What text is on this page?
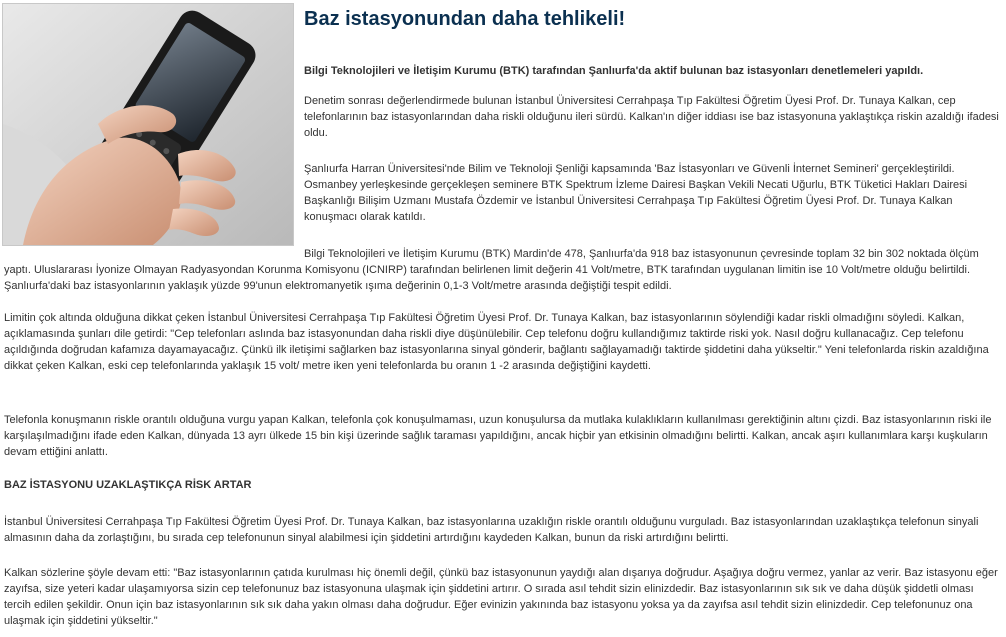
Baz istasyonundan daha tehlikeli!

Bilgi Teknolojileri ve İletişim Kurumu (BTK) tarafından Şanlıurfa'da aktif bulunan baz istasyonları denetlemeleri yapıldı.

Denetim sonrası değerlendirmede bulunan İstanbul Üniversitesi Cerrahpaşa Tıp Fakültesi Öğretim Üyesi Prof. Dr. Tunaya Kalkan, cep telefonlarının baz istasyonlarından daha riskli olduğunu ileri sürdü. Kalkan'ın diğer iddiası ise baz istasyonuna yaklaştıkça riskin azaldığı ifadesi oldu.

Şanlıurfa Harran Üniversitesi'nde Bilim ve Teknoloji Şenliği kapsamında 'Baz İstasyonları ve Güvenli İnternet Semineri' gerçekleştirildi. Osmanbey yerleşkesinde gerçekleşen seminere BTK Spektrum İzleme Dairesi Başkan Vekili Necati Uğurlu, BTK Tüketici Hakları Dairesi Başkanlığı Bilişim Uzmanı Mustafa Özdemir ve İstanbul Üniversitesi Cerrahpaşa Tıp Fakültesi Öğretim Üyesi Prof. Dr. Tunaya Kalkan konuşmacı olarak katıldı.

Bilgi Teknolojileri ve İletişim Kurumu (BTK) Mardin'de 478, Şanlıurfa'da 918 baz istasyonunun çevresinde toplam 32 bin 302 noktada ölçüm yaptı. Uluslararası İyonize Olmayan Radyasyondan Korunma Komisyonu (ICNIRP) tarafından belirlenen limit değerin 41 Volt/metre, BTK tarafından uygulanan limitin ise 10 Volt/metre olduğu belirtildi. Şanlıurfa'daki baz istasyonlarının yaklaşık yüzde 99'unun elektromanyetik ışıma değerinin 0,1-3 Volt/metre arasında değiştiği tespit edildi.

Limitin çok altında olduğuna dikkat çeken İstanbul Üniversitesi Cerrahpaşa Tıp Fakültesi Öğretim Üyesi Prof. Dr. Tunaya Kalkan, baz istasyonlarının söylendiği kadar riskli olmadığını söyledi. Kalkan, açıklamasında şunları dile getirdi: "Cep telefonları aslında baz istasyonundan daha riskli diye düşünülebilir. Cep telefonu doğru kullandığımız taktirde riski yok. Nasıl doğru kullanacağız. Cep telefonu açıldığında doğrudan kafamıza dayamayacağız. Çünkü ilk iletişimi sağlarken baz istasyonlarına sinyal gönderir, bağlantı sağlayamadığı taktirde şiddetini daha yükseltir." Yeni telefonlarda riskin azaldığına dikkat çeken Kalkan, eski cep telefonlarında yaklaşık 15 volt/ metre iken yeni telefonlarda bu oranın 1 -2 arasında değiştiğini kaydetti.

Telefonla konuşmanın riskle orantılı olduğuna vurgu yapan Kalkan, telefonla çok konuşulmaması, uzun konuşulursa da mutlaka kulaklıkların kullanılması gerektiğinin altını çizdi. Baz istasyonlarının riski ile karşılaşılmadığını ifade eden Kalkan, dünyada 13 ayrı ülkede 15 bin kişi üzerinde sağlık taraması yapıldığını, ancak hiçbir yan etkisinin olmadığını belirtti. Kalkan, ancak aşırı kullanımlara karşı kuşkuların devam ettiğini anlattı.

BAZ İSTASYONU UZAKLAŞTIKÇA RİSK ARTAR

İstanbul Üniversitesi Cerrahpaşa Tıp Fakültesi Öğretim Üyesi Prof. Dr. Tunaya Kalkan, baz istasyonlarına uzaklığın riskle orantılı olduğunu vurguladı. Baz istasyonlarından uzaklaştıkça telefonun sinyali almasının daha da zorlaştığını, bu sırada cep telefonunun sinyal alabilmesi için şiddetini artırdığını kaydeden Kalkan, bunun da riski artırdığını belirtti.

Kalkan sözlerine şöyle devam etti: "Baz istasyonlarının çatıda kurulması hiç önemli değil, çünkü baz istasyonunun yaydığı alan dışarıya doğrudur. Aşağıya doğru vermez, yanlar az verir. Baz istasyonu eğer zayıfsa, size yeteri kadar ulaşamıyorsa sizin cep telefonunuz baz istasyonuna ulaşmak için şiddetini artırır. O sırada asıl tehdit sizin elinizdedir. Baz istasyonlarının sık sık ve daha düşük şiddetli olması tercih edilen şekildir. Onun için baz istasyonlarının sık sık daha yakın olması daha doğrudur. Eğer evinizin yakınında baz istasyonu yoksa ya da zayıfsa asıl tehdit sizin elinizdedir. Cep telefonunuz ona ulaşmak için şiddetini yükseltir."
